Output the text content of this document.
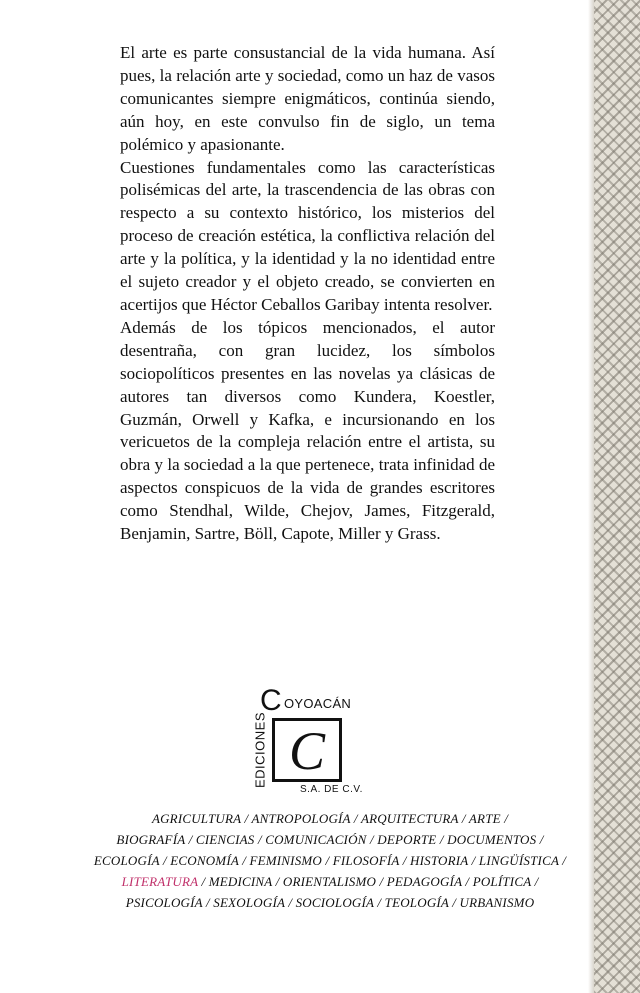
El arte es parte consustancial de la vida humana. Así pues, la relación arte y sociedad, como un haz de vasos comunicantes siempre enigmáticos, continúa siendo, aún hoy, en este convulso fin de siglo, un tema polémico y apasionante.

Cuestiones fundamentales como las características polisémicas del arte, la trascendencia de las obras con respecto a su contexto histórico, los misterios del proceso de creación estética, la conflictiva relación del arte y la política, y la identidad y la no identidad entre el sujeto creador y el objeto creado, se convierten en acertijos que Héctor Ceballos Garibay intenta resolver.

Además de los tópicos mencionados, el autor desentraña, con gran lucidez, los símbolos sociopolíticos presentes en las novelas ya clásicas de autores tan diversos como Kundera, Koestler, Guzmán, Orwell y Kafka, e incursionando en los vericuetos de la compleja relación entre el artista, su obra y la sociedad a la que pertenece, trata infinidad de aspectos conspicuos de la vida de grandes escritores como Stendhal, Wilde, Chejov, James, Fitzgerald, Benjamin, Sartre, Böll, Capote, Miller y Grass.

C OYOACÁN
EDICIONES C
S.A. DE C.V.
AGRICULTURA / ANTROPOLOGÍA / ARQUITECTURA / ARTE /
BIOGRAFÍA / CIENCIAS / COMUNICACIÓN / DEPORTE / DOCUMENTOS /
ECOLOGÍA / ECONOMÍA / FEMINISMO / FILOSOFÍA / HISTORIA / LINGÜÍSTICA /
LITERATURA / MEDICINA / ORIENTALISMO / PEDAGOGÍA / POLÍTICA /
PSICOLOGÍA / SEXOLOGÍA / SOCIOLOGÍA / TEOLOGÍA / URBANISMO
